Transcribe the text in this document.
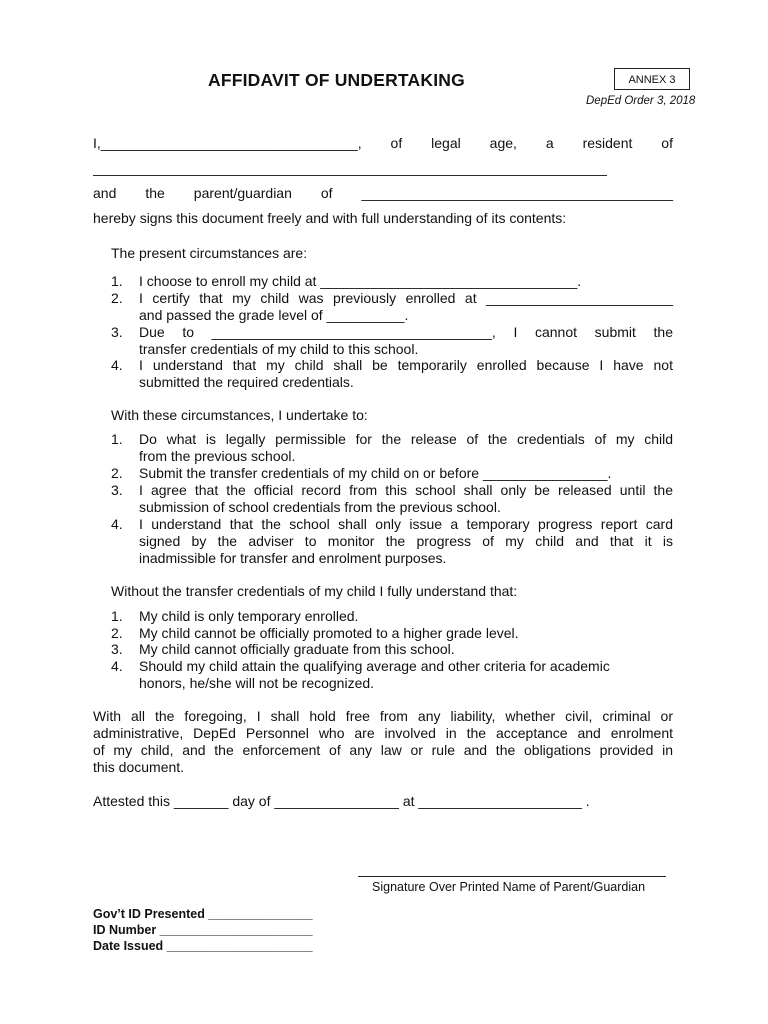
AFFIDAVIT OF UNDERTAKING	ANNEX 3
DepEd Order 3, 2018
I,_________________________________, of legal age, a resident of
__________________________________________________________________
and the parent/guardian of ________________________________________
hereby signs this document freely and with full understanding of its contents:
The present circumstances are:
1. I choose to enroll my child at _________________________________.
2. I certify that my child was previously enrolled at ________________________
and passed the grade level of __________.
3. Due to ____________________________________, I cannot submit the
transfer credentials of my child to this school.
4. I understand that my child shall be temporarily enrolled because I have not
submitted the required credentials.
With these circumstances, I undertake to:
1. Do what is legally permissible for the release of the credentials of my child
from the previous school.
2. Submit the transfer credentials of my child on or before ________________.
3. I agree that the official record from this school shall only be released until the
submission of school credentials from the previous school.
4. I understand that the school shall only issue a temporary progress report card
signed by the adviser to monitor the progress of my child and that it is
inadmissible for transfer and enrolment purposes.
Without the transfer credentials of my child I fully understand that:
1. My child is only temporary enrolled.
2. My child cannot be officially promoted to a higher grade level.
3. My child cannot officially graduate from this school.
4. Should my child attain the qualifying average and other criteria for academic
honors, he/she will not be recognized.
With all the foregoing, I shall hold free from any liability, whether civil, criminal or
administrative, DepEd Personnel who are involved in the acceptance and enrolment
of my child, and the enforcement of any law or rule and the obligations provided in
this document.
Attested this _______ day of ________________ at _____________________ .
Signature Over Printed Name of Parent/Guardian
Gov’t ID Presented _______________
ID Number ______________________
Date Issued _____________________
